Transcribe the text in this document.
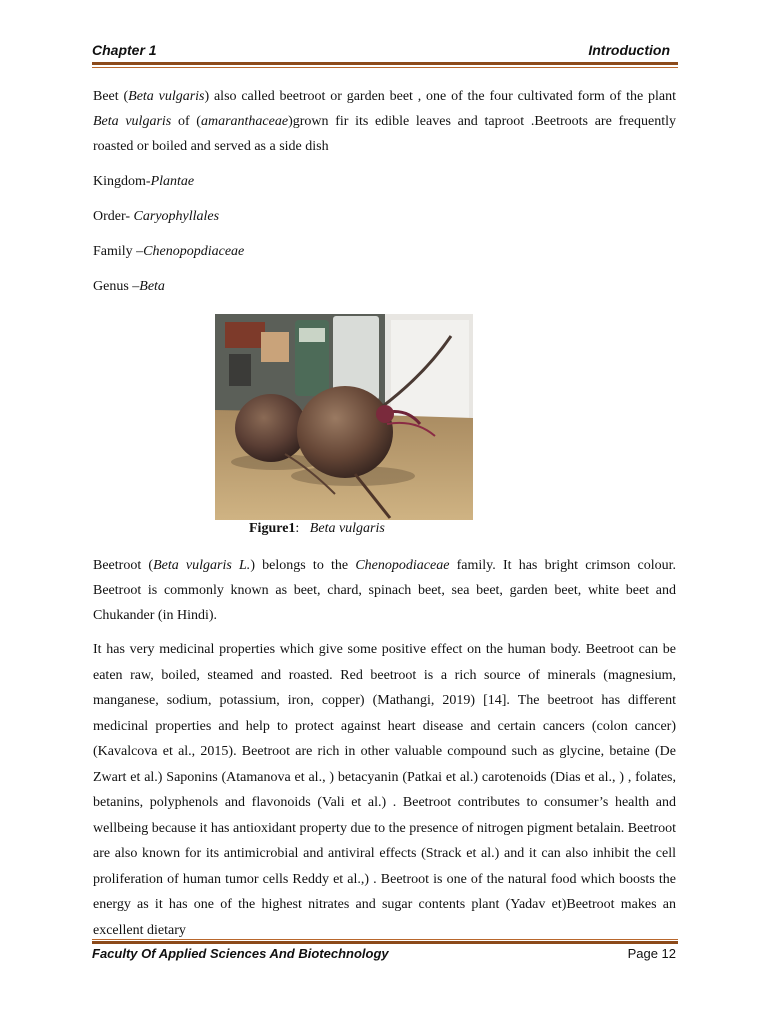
Chapter 1	Introduction

Beet (Beta vulgaris) also called beetroot or garden beet , one of the four cultivated form of the plant Beta vulgaris of (amaranthaceae)grown fir its edible leaves and taproot .Beetroots are frequently roasted or boiled and served as a side dish

Kingdom-Plantae

Order- Caryophyllales

Family –Chenopopdiaceae

Genus –Beta

Figure1:   Beta vulgaris

Beetroot (Beta vulgaris L.) belongs to the Chenopodiaceae family. It has bright crimson colour. Beetroot is commonly known as beet, chard, spinach beet, sea beet, garden beet, white beet and Chukander (in Hindi).

It has very medicinal properties which give some positive effect on the human body. Beetroot can be eaten raw, boiled, steamed and roasted. Red beetroot is a rich source of minerals (magnesium, manganese, sodium, potassium, iron, copper) (Mathangi, 2019) [14]. The beetroot has different medicinal properties and help to protect against heart disease and certain cancers (colon cancer) (Kavalcova et al., 2015). Beetroot are rich in other valuable compound such as glycine, betaine (De Zwart et al.) Saponins (Atamanova et al., ) betacyanin (Patkai et al.) carotenoids (Dias et al., ) , folates, betanins, polyphenols and flavonoids (Vali et al.) . Beetroot contributes to consumer’s health and wellbeing because it has antioxidant property due to the presence of nitrogen pigment betalain. Beetroot are also known for its antimicrobial and antiviral effects (Strack et al.) and it can also inhibit the cell proliferation of human tumor cells Reddy et al.,) . Beetroot is one of the natural food which boosts the energy as it has one of the highest nitrates and sugar contents plant (Yadav et)Beetroot makes an excellent dietary

Faculty Of Applied Sciences And Biotechnology	Page 12
